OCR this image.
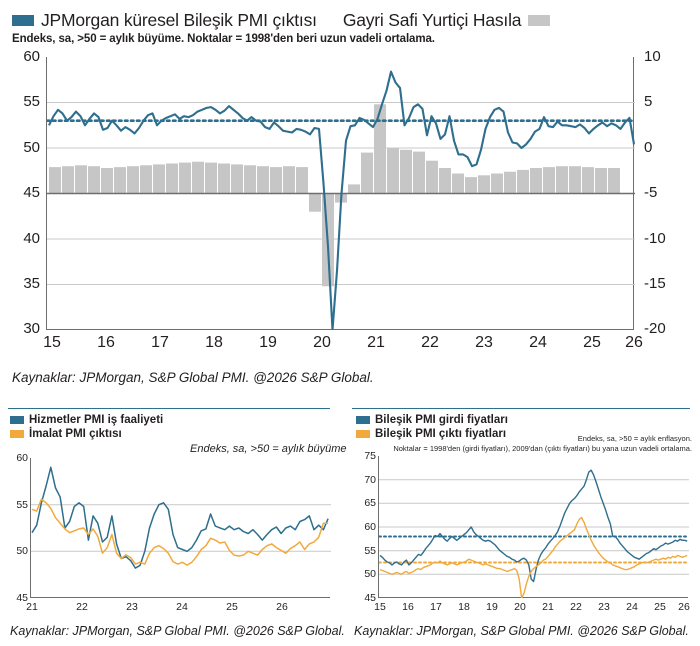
JPMorgan küresel Bileşik PMI çıktısı Gayri Safi Yurtiçi Hasıla
Endeks, sa, >50 = aylık büyüme. Noktalar = 1998'den beri uzun vadeli ortalama.
60
55
50
45
40
35
30
10
5
0
-5
-10
-15
-20
15	16	17	18	19	20	21	22	23	24	25	26
Kaynaklar: JPMorgan, S&P Global PMI. @2026 S&P Global.
Hizmetler PMI iş faaliyeti
İmalat PMI çıktısı
Endeks, sa, >50 = aylık büyüme
60
55
50
45
21	22	23	24	25	26
Kaynaklar: JPMorgan, S&P Global PMI. @2026 S&P Global.
Bileşik PMI girdi fiyatları
Bileşik PMI çıktı fiyatları	Endeks, sa, >50 = aylık enflasyon.
Noktalar = 1998'den (girdi fiyatları), 2009'dan (çıktı fiyatları) bu yana uzun vadeli ortalama.
75
70
65
60
55
50
45
15	16	17	18	19	20	21	22	23	24	25	26
Kaynaklar: JPMorgan, S&P Global PMI. @2026 S&P Global.
